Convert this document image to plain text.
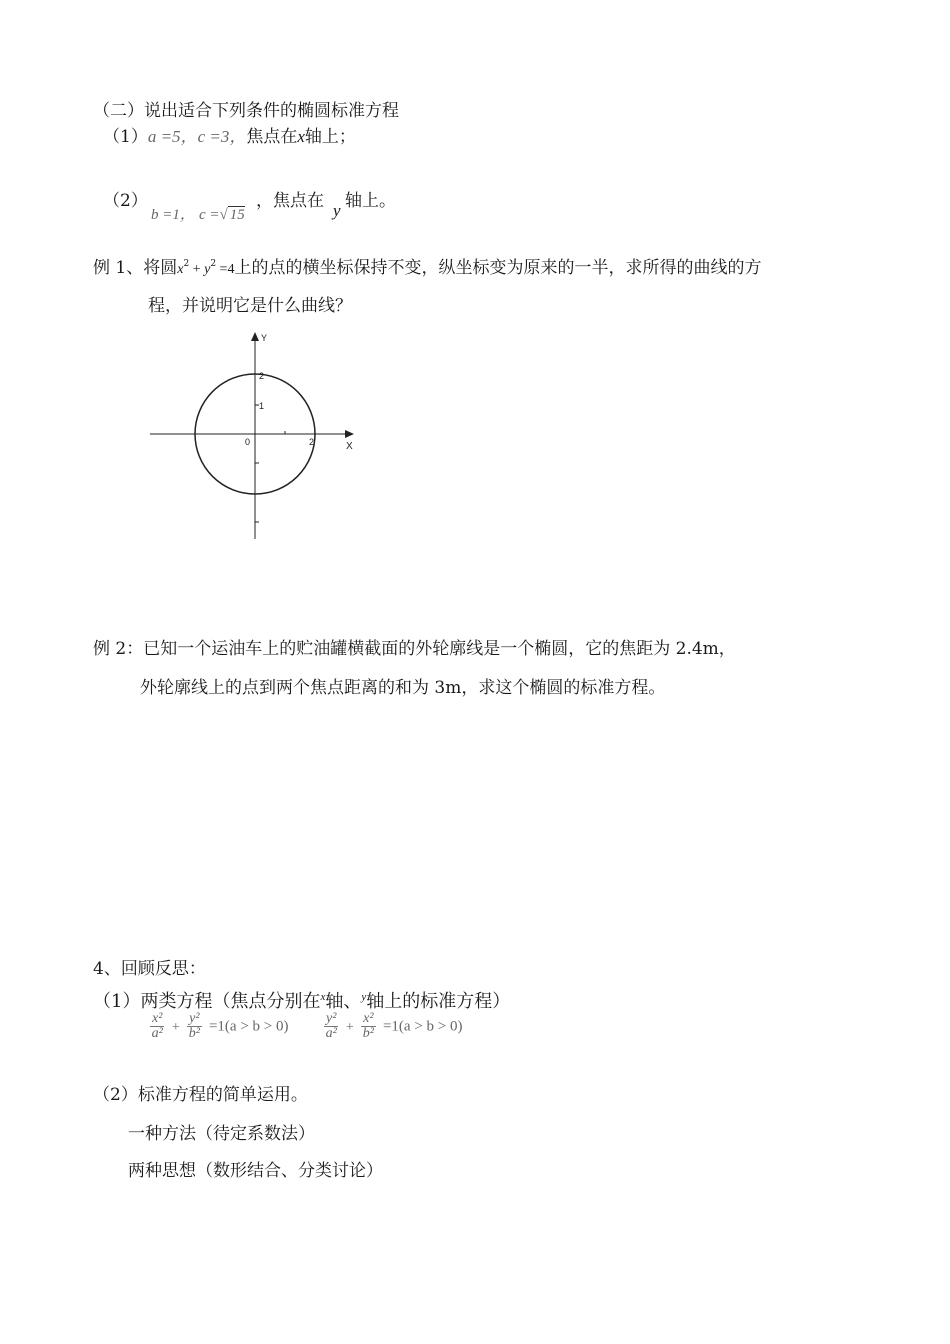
（二）说出适合下列条件的椭圆标准方程
（1）a =5，c =3，焦点在x轴上；
（2）
b =1， c =√ 15
， 焦点在 y 轴上。
例 1、将圆$x^2 + y^2 =4$上的点的横坐标保持不变，纵坐标变为原来的一半，求所得的曲线的方
程，并说明它是什么曲线？
Y
X
0
2
1
2
例 2：已知一个运油车上的贮油罐横截面的外轮廓线是一个椭圆，它的焦距为 2.4m，
外轮廓线上的点到两个焦点距离的和为 3m，求这个椭圆的标准方程。
4、回顾反思：
（1）两类方程（焦点分别在$^x$轴、$^y$轴上的标准方程）
$\frac{\text{x²}}{\text{a²}} + \frac{\text{y²}}{\text{b²}} =1(a > b > 0)$	$\frac{\text{y²}}{\text{a²}} + \frac{\text{x²}}{\text{b²}} =1(a > b > 0)$
（2）标准方程的简单运用。
一种方法（待定系数法）
两种思想（数形结合、分类讨论）
